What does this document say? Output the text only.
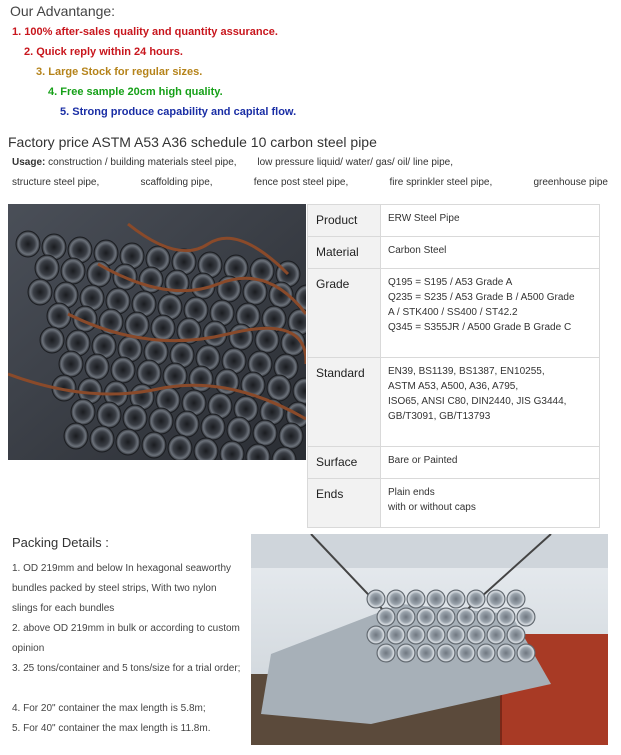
Our Advantange:
1. 100% after-sales quality and quantity assurance.
2. Quick reply within 24 hours.
3. Large Stock for regular sizes.
4. Free sample 20cm high quality.
5. Strong produce capability and capital flow.
Factory price ASTM A53 A36 schedule 10 carbon steel pipe
Usage: construction / building materials steel pipe, low pressure liquid/ water/ gas/ oil/ line pipe,
structure steel pipe,	scaffolding pipe,	fence post steel pipe,	fire sprinkler steel pipe,	greenhouse pipe
Product	ERW Steel Pipe

Material	Carbon Steel

Grade	Q195 = S195 / A53 Grade A
Q235 = S235 / A53 Grade B / A500 Grade
A / STK400 / SS400 / ST42.2
Q345 = S355JR / A500 Grade B Grade C

Standard	EN39, BS1139, BS1387, EN10255,
ASTM A53, A500, A36, A795,
ISO65, ANSI C80, DIN2440, JIS G3444,
GB/T3091, GB/T13793

Surface	Bare or Painted

Ends	Plain ends
with or without caps
Packing Details :
1. OD 219mm and below In hexagonal seaworthy bundles packed by steel strips, With two nylon slings for each bundles
2. above OD 219mm in bulk or according to custom opinion
3. 25 tons/container and 5 tons/size for a trial order;
4. For 20" container the max length is 5.8m;
5. For 40" container the max length is 11.8m.
